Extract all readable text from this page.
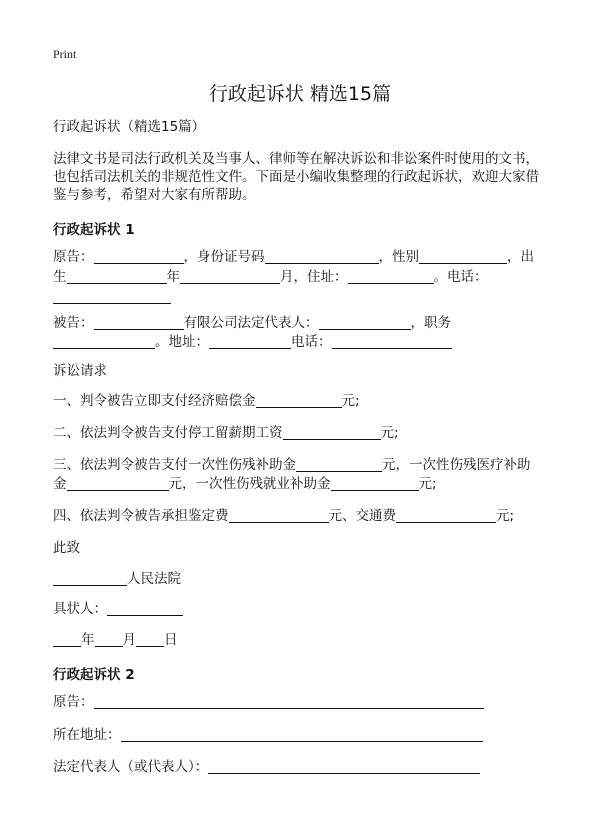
Print
行政起诉状 精选15篇
行政起诉状（精选15篇）
法律文书是司法行政机关及当事人、律师等在解决诉讼和非讼案件时使用的文书，
也包括司法机关的非规范性文件。下面是小编收集整理的行政起诉状，欢迎大家借
鉴与参考，希望对大家有所帮助。
行政起诉状 1
原告：	，身份证号码	，性别	，出
生	年	月，住址：	。电话：
被告：	有限公司法定代表人：	，职务
。地址：	电话：
诉讼请求
一、判令被告立即支付经济赔偿金	元;
二、依法判令被告支付停工留薪期工资	元;
三、依法判令被告支付一次性伤残补助金	元，一次性伤残医疗补助
金	元，一次性伤残就业补助金	元;
四、依法判令被告承担鉴定费	元、交通费	元;
此致
人民法院
具状人：
年 月 日
行政起诉状 2
原告：
所在地址：
法定代表人（或代表人）：
